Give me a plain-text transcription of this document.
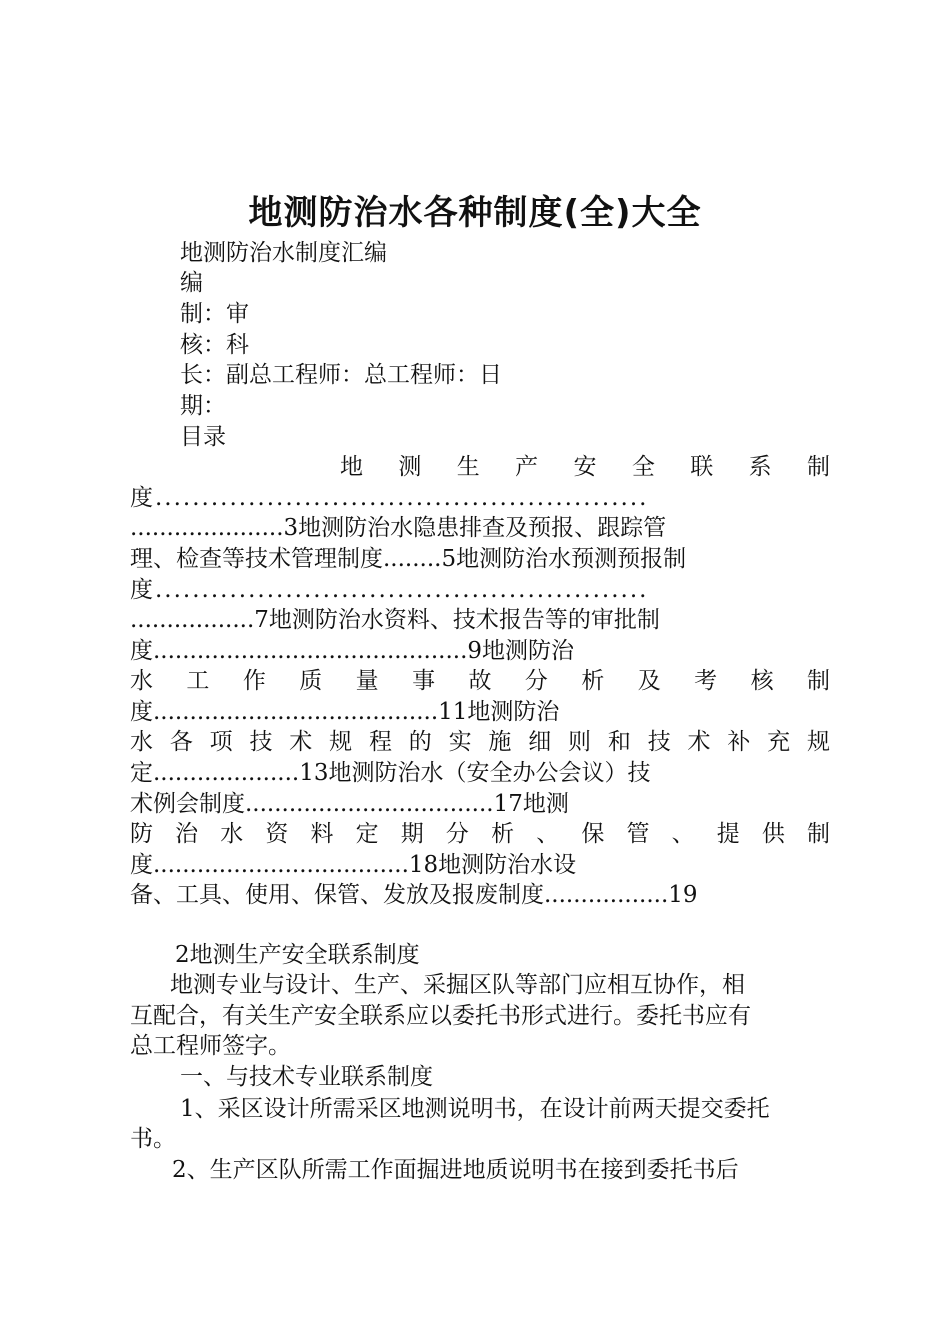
地测防治水各种制度(全)大全
地测防治水制度汇编
编
制：审
核：科
长：副总工程师：总工程师：日
期：
目录
地 测 生 产 安 全 联 系 制
度.....................................................
.....................3地测防治水隐患排查及预报、跟踪管
理、检查等技术管理制度........5地测防治水预测预报制
度.....................................................
.................7地测防治水资料、技术报告等的审批制
度...........................................9地测防治
水 工 作 质 量 事 故 分 析 及 考 核 制
度.......................................11地测防治
水 各 项 技 术 规 程 的 实 施 细 则 和 技 术 补 充 规
定....................13地测防治水（安全办公会议）技
术例会制度..................................17地测
防 治 水 资 料 定 期 分 析 、 保 管 、 提 供 制
度...................................18地测防治水设
备、工具、使用、保管、发放及报废制度.................19
2地测生产安全联系制度
地测专业与设计、生产、采掘区队等部门应相互协作，相
互配合，有关生产安全联系应以委托书形式进行。委托书应有
总工程师签字。
一、与技术专业联系制度
1、采区设计所需采区地测说明书，在设计前两天提交委托
书。
2、生产区队所需工作面掘进地质说明书在接到委托书后
